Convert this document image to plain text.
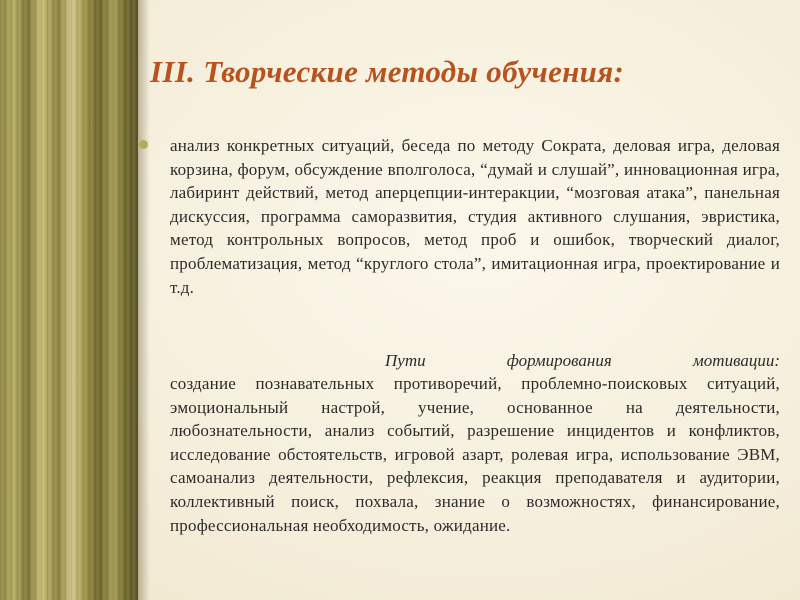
III. Творческие методы обучения:
анализ конкретных ситуаций, беседа по методу Сократа, деловая игра, деловая корзина, форум, обсуждение вполголоса, “думай и слушай”, инновационная игра, лабиринт действий, метод аперцепции-интеракции, “мозговая атака”, панельная дискуссия, программа саморазвития, студия активного слушания, эвристика, метод контрольных вопросов, метод проб и ошибок, творческий диалог, проблематизация, метод “круглого стола”, имитационная игра, проектирование и т.д.
Пути формирования мотивации:
создание познавательных противоречий, проблемно-поисковых ситуаций, эмоциональный настрой, учение, основанное на деятельности, любознательности, анализ событий, разрешение инцидентов и конфликтов, исследование обстоятельств, игровой азарт, ролевая игра, использование ЭВМ, самоанализ деятельности, рефлексия, реакция преподавателя и аудитории, коллективный поиск, похвала, знание о возможностях, финансирование, профессиональная необходимость, ожидание.
